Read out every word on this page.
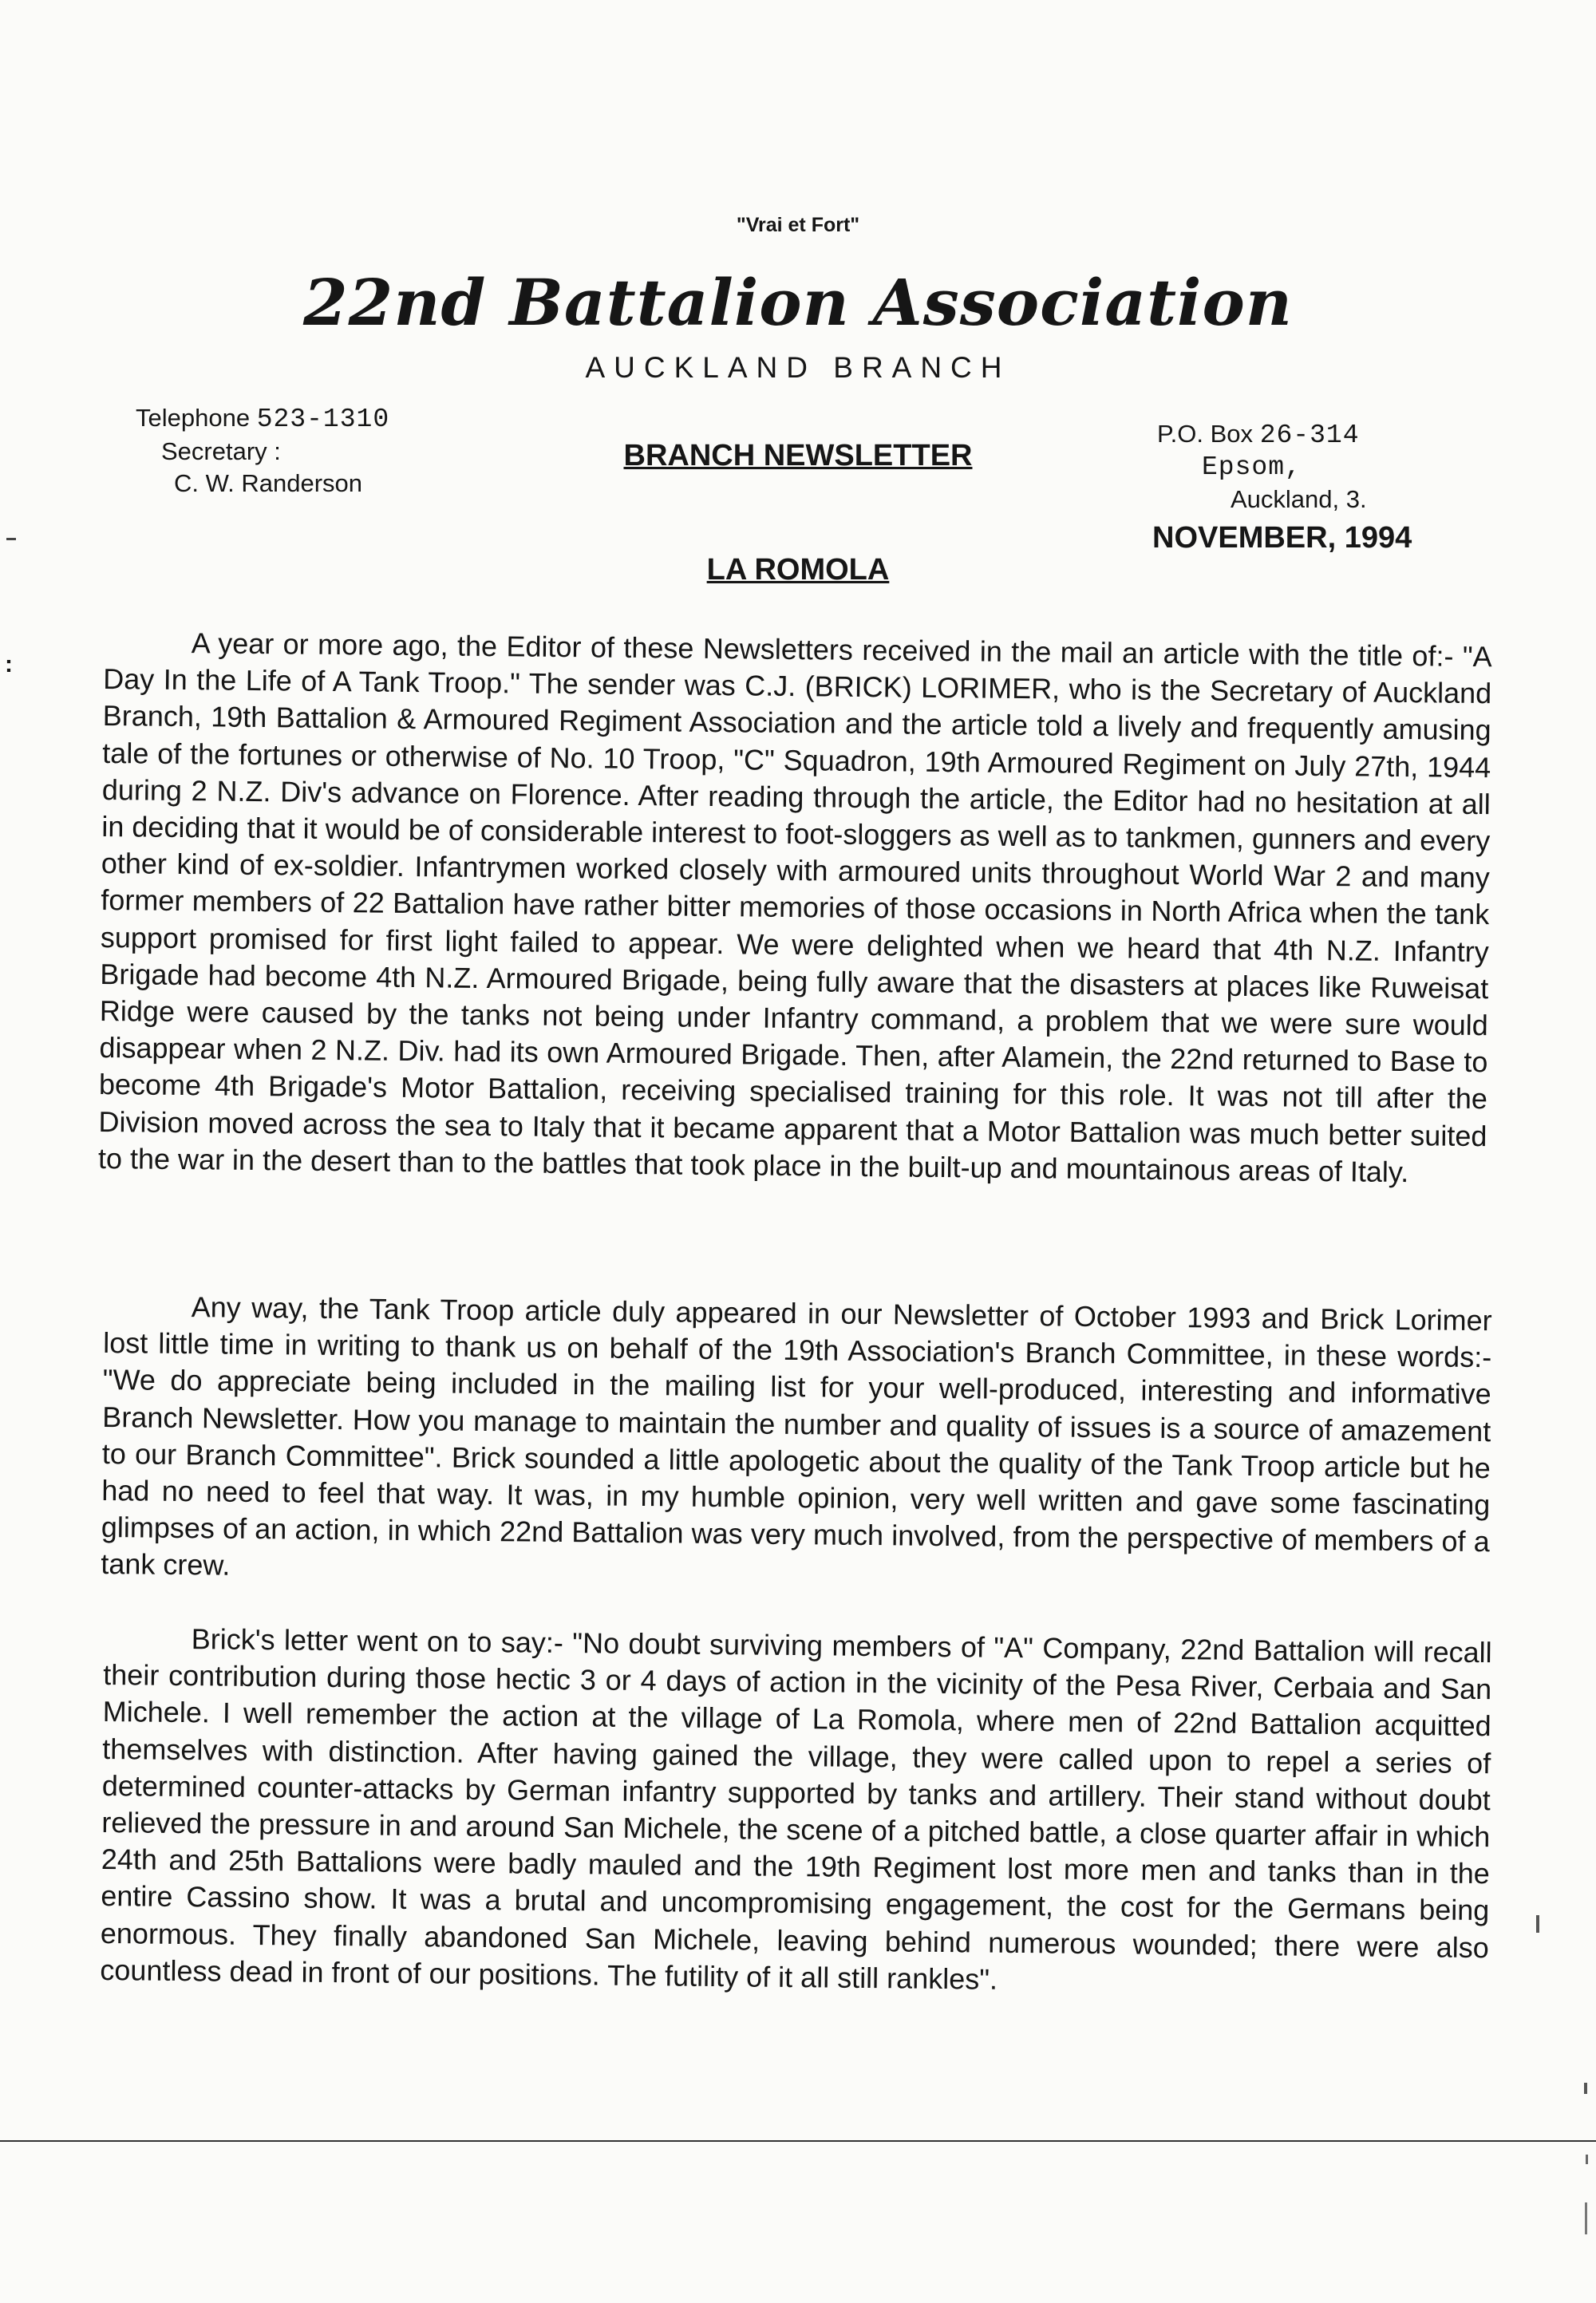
"Vrai et Fort"
22nd Battalion Association
AUCKLAND BRANCH
Telephone 523-1310
Secretary :
C. W. Randerson
BRANCH NEWSLETTER
P.O. Box 26-314
Epsom,
Auckland, 3.
NOVEMBER, 1994
LA ROMOLA

A year or more ago, the Editor of these Newsletters received in the mail an article with the title of:- "A Day In the Life of A Tank Troop." The sender was C.J. (BRICK) LORIMER, who is the Secretary of Auckland Branch, 19th Battalion & Armoured Regiment Association and the article told a lively and frequently amusing tale of the fortunes or otherwise of No. 10 Troop, "C" Squadron, 19th Armoured Regiment on July 27th, 1944 during 2 N.Z. Div's advance on Florence. After reading through the article, the Editor had no hesitation at all in deciding that it would be of considerable interest to foot-sloggers as well as to tankmen, gunners and every other kind of ex-soldier. Infantrymen worked closely with armoured units throughout World War 2 and many former members of 22 Battalion have rather bitter memories of those occasions in North Africa when the tank support promised for first light failed to appear. We were delighted when we heard that 4th N.Z. Infantry Brigade had become 4th N.Z. Armoured Brigade, being fully aware that the disasters at places like Ruweisat Ridge were caused by the tanks not being under Infantry command, a problem that we were sure would disappear when 2 N.Z. Div. had its own Armoured Brigade. Then, after Alamein, the 22nd returned to Base to become 4th Brigade's Motor Battalion, receiving specialised training for this role. It was not till after the Division moved across the sea to Italy that it became apparent that a Motor Battalion was much better suited to the war in the desert than to the battles that took place in the built-up and mountainous areas of Italy.

Any way, the Tank Troop article duly appeared in our Newsletter of October 1993 and Brick Lorimer lost little time in writing to thank us on behalf of the 19th Association's Branch Committee, in these words:- "We do appreciate being included in the mailing list for your well-produced, interesting and informative Branch Newsletter. How you manage to maintain the number and quality of issues is a source of amazement to our Branch Committee". Brick sounded a little apologetic about the quality of the Tank Troop article but he had no need to feel that way. It was, in my humble opinion, very well written and gave some fascinating glimpses of an action, in which 22nd Battalion was very much involved, from the perspective of members of a tank crew.

Brick's letter went on to say:- "No doubt surviving members of "A" Company, 22nd Battalion will recall their contribution during those hectic 3 or 4 days of action in the vicinity of the Pesa River, Cerbaia and San Michele. I well remember the action at the village of La Romola, where men of 22nd Battalion acquitted themselves with distinction. After having gained the village, they were called upon to repel a series of determined counter-attacks by German infantry supported by tanks and artillery. Their stand without doubt relieved the pressure in and around San Michele, the scene of a pitched battle, a close quarter affair in which 24th and 25th Battalions were badly mauled and the 19th Regiment lost more men and tanks than in the entire Cassino show. It was a brutal and uncompromising engagement, the cost for the Germans being enormous. They finally abandoned San Michele, leaving behind numerous wounded; there were also countless dead in front of our positions. The futility of it all still rankles".

:
